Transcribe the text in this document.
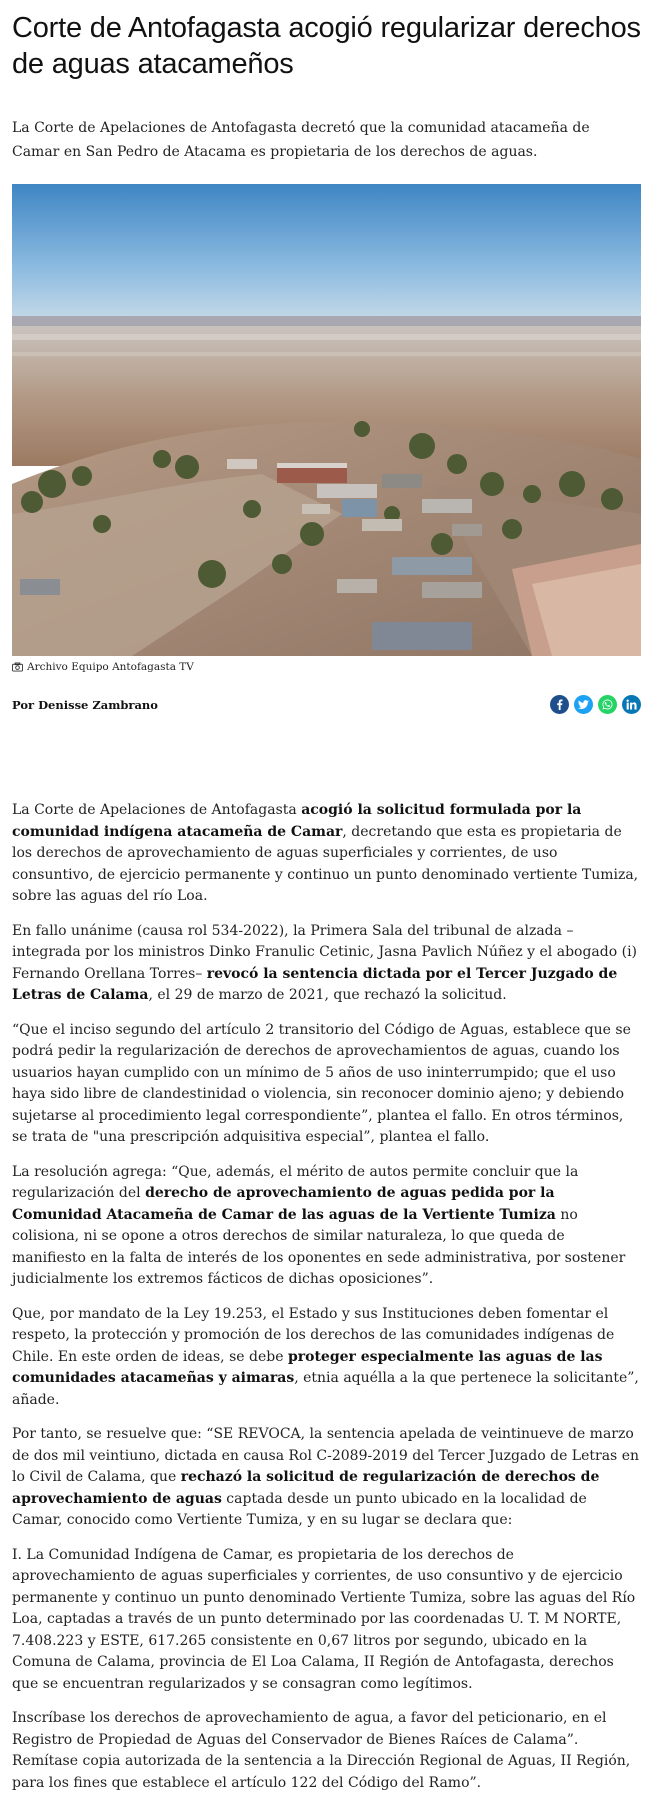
Corte de Antofagasta acogió regularizar derechos de aguas atacameños

La Corte de Apelaciones de Antofagasta decretó que la comunidad atacameña de Camar en San Pedro de Atacama es propietaria de los derechos de aguas.

Archivo Equipo Antofagasta TV
Por Denisse Zambrano

La Corte de Apelaciones de Antofagasta acogió la solicitud formulada por la comunidad indígena atacameña de Camar, decretando que esta es propietaria de los derechos de aprovechamiento de aguas superficiales y corrientes, de uso consuntivo, de ejercicio permanente y continuo un punto denominado vertiente Tumiza, sobre las aguas del río Loa.

En fallo unánime (causa rol 534-2022), la Primera Sala del tribunal de alzada –integrada por los ministros Dinko Franulic Cetinic, Jasna Pavlich Núñez y el abogado (i) Fernando Orellana Torres– revocó la sentencia dictada por el Tercer Juzgado de Letras de Calama, el 29 de marzo de 2021, que rechazó la solicitud.

“Que el inciso segundo del artículo 2 transitorio del Código de Aguas, establece que se podrá pedir la regularización de derechos de aprovechamientos de aguas, cuando los usuarios hayan cumplido con un mínimo de 5 años de uso ininterrumpido; que el uso haya sido libre de clandestinidad o violencia, sin reconocer dominio ajeno; y debiendo sujetarse al procedimiento legal correspondiente”, plantea el fallo. En otros términos, se trata de "una prescripción adquisitiva especial”, plantea el fallo.

La resolución agrega: “Que, además, el mérito de autos permite concluir que la regularización del derecho de aprovechamiento de aguas pedida por la Comunidad Atacameña de Camar de las aguas de la Vertiente Tumiza no colisiona, ni se opone a otros derechos de similar naturaleza, lo que queda de manifiesto en la falta de interés de los oponentes en sede administrativa, por sostener judicialmente los extremos fácticos de dichas oposiciones”.

Que, por mandato de la Ley 19.253, el Estado y sus Instituciones deben fomentar el respeto, la protección y promoción de los derechos de las comunidades indígenas de Chile. En este orden de ideas, se debe proteger especialmente las aguas de las comunidades atacameñas y aimaras, etnia aquélla a la que pertenece la solicitante”, añade.

Por tanto, se resuelve que: “SE REVOCA, la sentencia apelada de veintinueve de marzo de dos mil veintiuno, dictada en causa Rol C-2089-2019 del Tercer Juzgado de Letras en lo Civil de Calama, que rechazó la solicitud de regularización de derechos de aprovechamiento de aguas captada desde un punto ubicado en la localidad de Camar, conocido como Vertiente Tumiza, y en su lugar se declara que:

I. La Comunidad Indígena de Camar, es propietaria de los derechos de aprovechamiento de aguas superficiales y corrientes, de uso consuntivo y de ejercicio permanente y continuo un punto denominado Vertiente Tumiza, sobre las aguas del Río Loa, captadas a través de un punto determinado por las coordenadas U. T. M NORTE, 7.408.223 y ESTE, 617.265 consistente en 0,67 litros por segundo, ubicado en la Comuna de Calama, provincia de El Loa Calama, II Región de Antofagasta, derechos que se encuentran regularizados y se consagran como legítimos.

Inscríbase los derechos de aprovechamiento de agua, a favor del peticionario, en el Registro de Propiedad de Aguas del Conservador de Bienes Raíces de Calama”.
Remítase copia autorizada de la sentencia a la Dirección Regional de Aguas, II Región, para los fines que establece el artículo 122 del Código del Ramo”.
